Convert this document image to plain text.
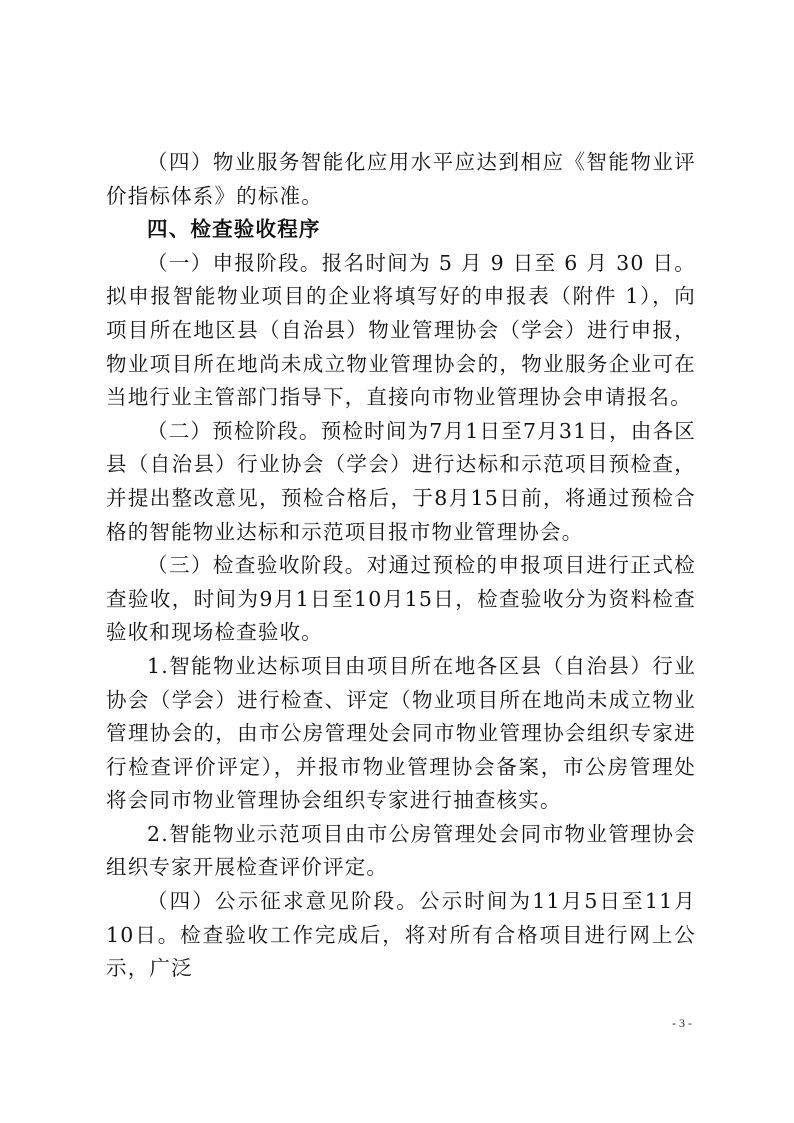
（四）物业服务智能化应用水平应达到相应《智能物业评价指标体系》的标准。

四、检查验收程序

（一）申报阶段。报名时间为 5 月 9 日至 6 月 30 日。拟申报智能物业项目的企业将填写好的申报表（附件 1），向项目所在地区县（自治县）物业管理协会（学会）进行申报，物业项目所在地尚未成立物业管理协会的，物业服务企业可在当地行业主管部门指导下，直接向市物业管理协会申请报名。

（二）预检阶段。预检时间为7月1日至7月31日，由各区县（自治县）行业协会（学会）进行达标和示范项目预检查，并提出整改意见，预检合格后，于8月15日前，将通过预检合格的智能物业达标和示范项目报市物业管理协会。

（三）检查验收阶段。对通过预检的申报项目进行正式检查验收，时间为9月1日至10月15日，检查验收分为资料检查验收和现场检查验收。

1.智能物业达标项目由项目所在地各区县（自治县）行业协会（学会）进行检查、评定（物业项目所在地尚未成立物业管理协会的，由市公房管理处会同市物业管理协会组织专家进行检查评价评定），并报市物业管理协会备案，市公房管理处将会同市物业管理协会组织专家进行抽查核实。

2.智能物业示范项目由市公房管理处会同市物业管理协会组织专家开展检查评价评定。

（四）公示征求意见阶段。公示时间为11月5日至11月10日。检查验收工作完成后，将对所有合格项目进行网上公示，广泛

- 3 -
